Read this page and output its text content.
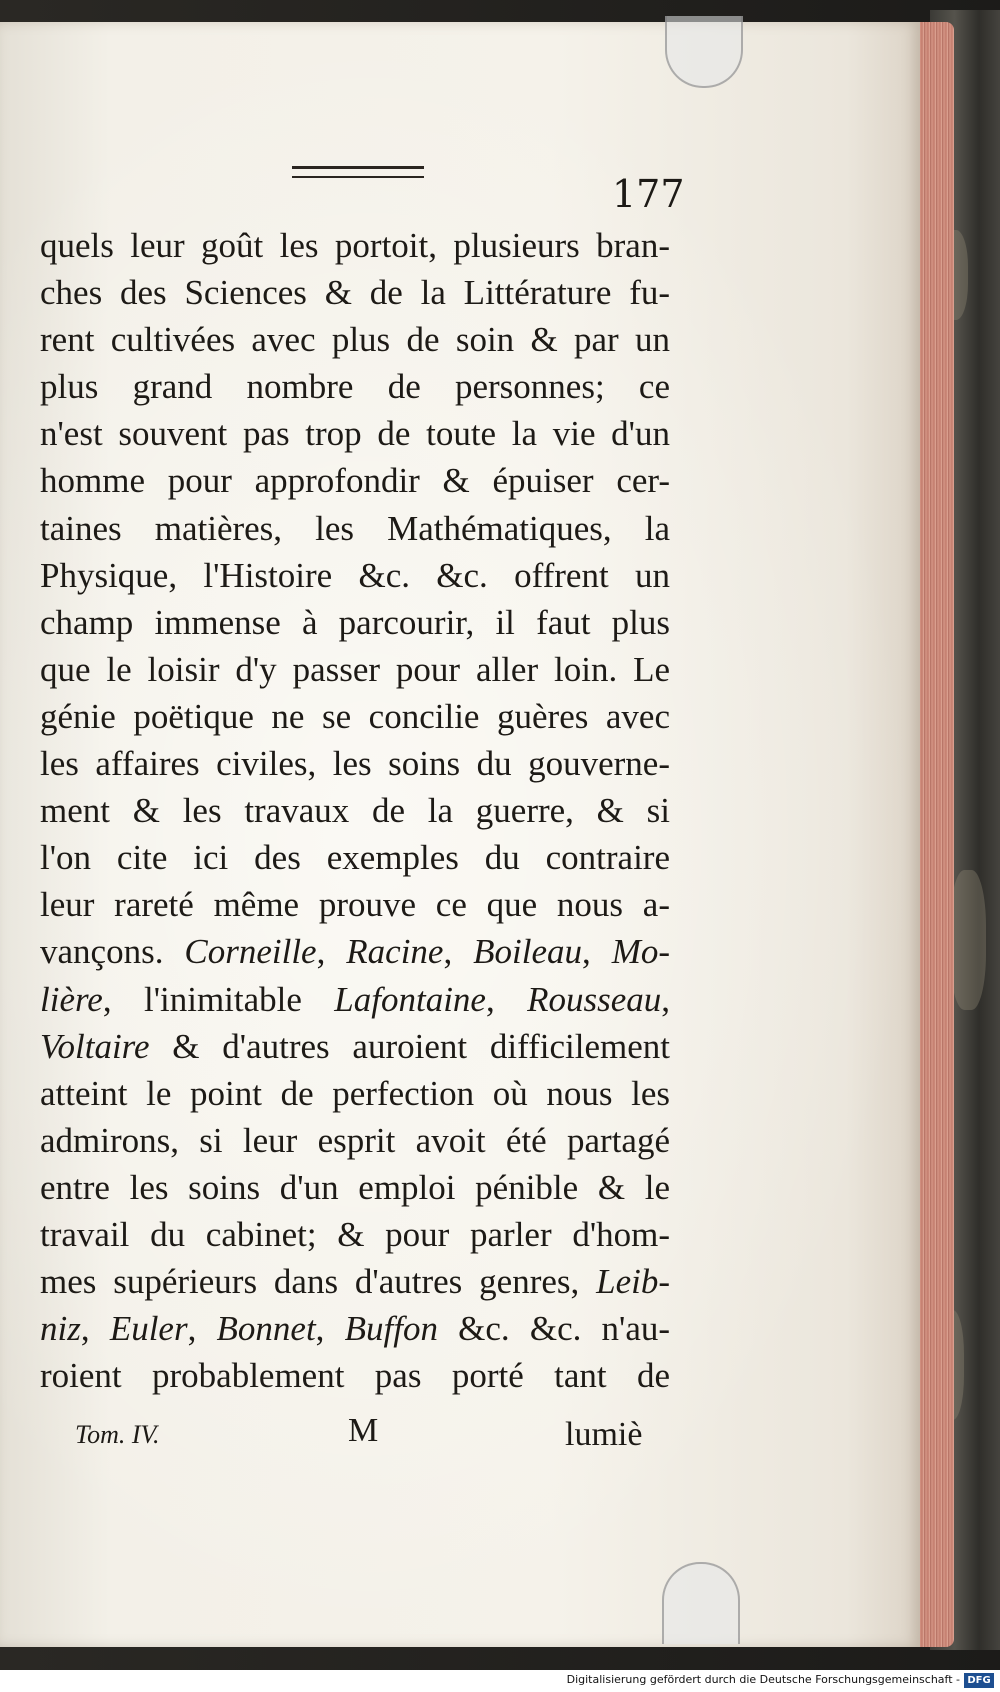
177
quels leur goût les portoit, plusieurs bran-
ches des Sciences & de la Littérature fu-
rent cultivées avec plus de soin & par un
plus grand nombre de personnes; ce
n'est souvent pas trop de toute la vie d'un
homme pour approfondir & épuiser cer-
taines matières, les Mathématiques, la
Physique, l'Histoire &c. &c. offrent un
champ immense à parcourir, il faut plus
que le loisir d'y passer pour aller loin. Le
génie poëtique ne se concilie guères avec
les affaires civiles, les soins du gouverne-
ment & les travaux de la guerre, & si
l'on cite ici des exemples du contraire
leur rareté même prouve ce que nous a-
vançons. Corneille, Racine, Boileau, Mo-
lière, l'inimitable Lafontaine, Rousseau,
Voltaire & d'autres auroient difficilement
atteint le point de perfection où nous les
admirons, si leur esprit avoit été partagé
entre les soins d'un emploi pénible & le
travail du cabinet; & pour parler d'hom-
mes supérieurs dans d'autres genres, Leib-
niz, Euler, Bonnet, Buffon &c. &c. n'au-
roient probablement pas porté tant de
Tom. IV.	M	lumiè
Digitalisierung gefördert durch die Deutsche Forschungsgemeinschaft - DFG
